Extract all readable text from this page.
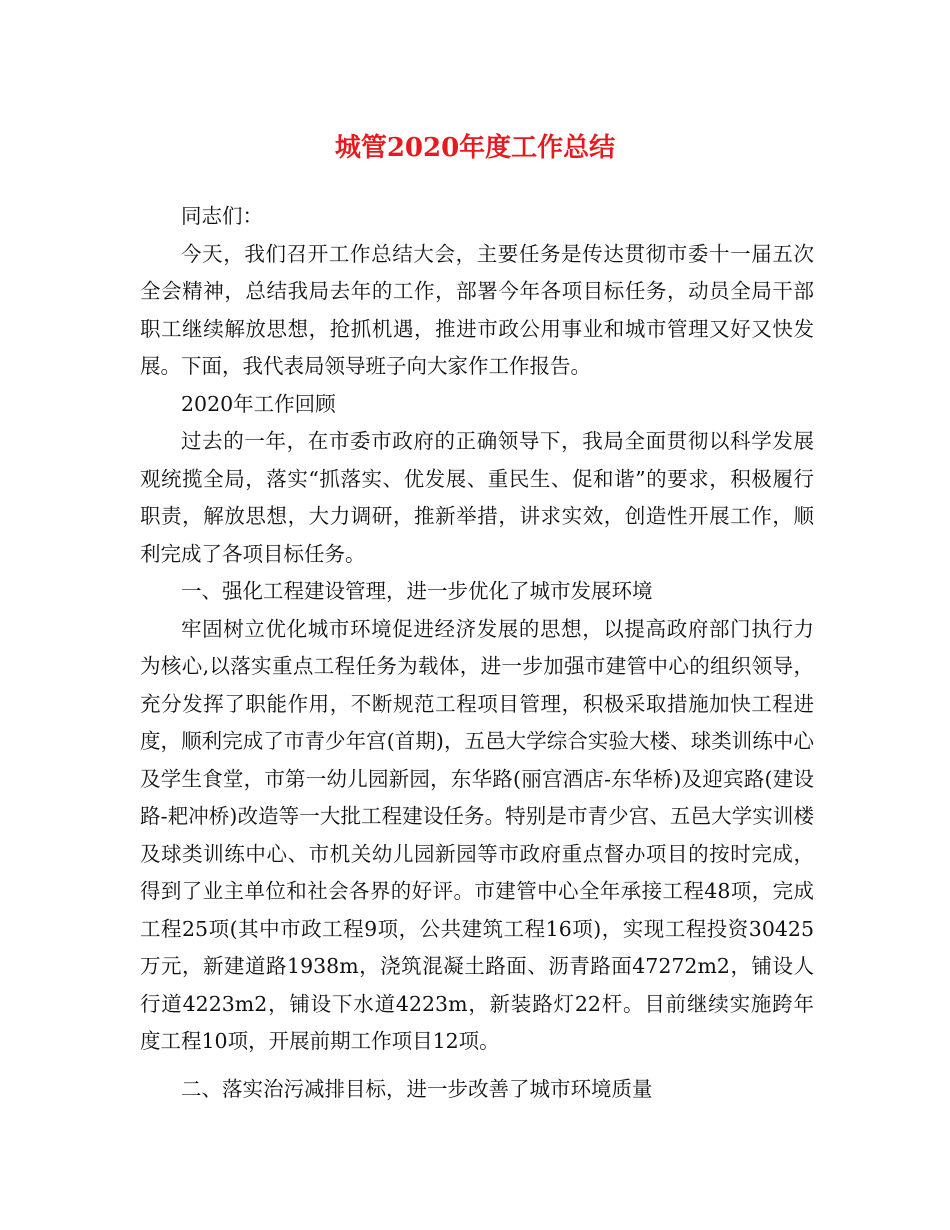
城管2020年度工作总结

同志们：

今天，我们召开工作总结大会，主要任务是传达贯彻市委十一届五次全会精神，总结我局去年的工作，部署今年各项目标任务，动员全局干部职工继续解放思想，抢抓机遇，推进市政公用事业和城市管理又好又快发展。下面，我代表局领导班子向大家作工作报告。

2020年工作回顾

过去的一年，在市委市政府的正确领导下，我局全面贯彻以科学发展观统揽全局，落实“抓落实、优发展、重民生、促和谐”的要求，积极履行职责，解放思想，大力调研，推新举措，讲求实效，创造性开展工作，顺利完成了各项目标任务。

一、强化工程建设管理，进一步优化了城市发展环境

牢固树立优化城市环境促进经济发展的思想，以提高政府部门执行力为核心,以落实重点工程任务为载体，进一步加强市建管中心的组织领导，充分发挥了职能作用，不断规范工程项目管理，积极采取措施加快工程进度，顺利完成了市青少年宫(首期)，五邑大学综合实验大楼、球类训练中心及学生食堂，市第一幼儿园新园，东华路(丽宫酒店-东华桥)及迎宾路(建设路-耙冲桥)改造等一大批工程建设任务。特别是市青少宫、五邑大学实训楼及球类训练中心、市机关幼儿园新园等市政府重点督办项目的按时完成，得到了业主单位和社会各界的好评。市建管中心全年承接工程48项，完成工程25项(其中市政工程9项，公共建筑工程16项)，实现工程投资30425万元，新建道路1938m，浇筑混凝土路面、沥青路面47272m2，铺设人行道4223m2，铺设下水道4223m，新装路灯22杆。目前继续实施跨年度工程10项，开展前期工作项目12项。

二、落实治污减排目标，进一步改善了城市环境质量
